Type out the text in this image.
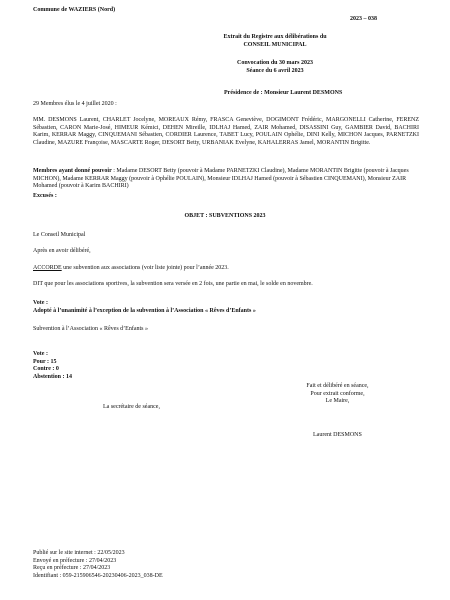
Commune de WAZIERS (Nord)
2023 – 038
Extrait du Registre aux délibérations du
CONSEIL MUNICIPAL
Convocation du 30 mars 2023
Séance du 6 avril 2023
Présidence de : Monsieur Laurent DESMONS
29 Membres élus le 4 juillet 2020 :
MM. DESMONS Laurent, CHARLET Jocelyne, MOREAUX Rémy, FRASCA Geneviève, DOGIMONT Frédéric, MARGONELLI Catherine, FERENZ Sébastien, CARON Marie-José, HIMEUR Kémici, DEHEN Mireille, IDLHAJ Hamed, ZAIR Mohamed, DISASSINI Guy, GAMBIER David, BACHIRI Karim, KERRAR Maggy, CINQUEMANI Sébastien, CORDIER Laurence, TABET Lucy, POULAIN Ophélie, DINI Kelly, MICHON Jacques, PARNETZKI Claudine, MAZURE Françoise, MASCARTE Roger, DESORT Betty, URBANIAK Evelyne, KAHALERRAS Jamel, MORANTIN Brigitte.
Membres ayant donné pouvoir : Madame DESORT Betty (pouvoir à Madame PARNETZKI Claudine), Madame MORANTIN Brigitte (pouvoir à Jacques MICHON), Madame KERRAR Maggy (pouvoir à Ophélie POULAIN), Monsieur IDLHAJ Hamed (pouvoir à Sébastien CINQUEMANI), Monsieur ZAIR Mohamed (pouvoir à Karim BACHIRI)
Excusés :
OBJET : SUBVENTIONS 2023
Le Conseil Municipal
Après en avoir délibéré,
ACCORDE une subvention aux associations (voir liste jointe) pour l’année 2023.
DIT que pour les associations sportives, la subvention sera versée en 2 fois, une partie en mai, le solde en novembre.
Vote :
Adopté à l’unanimité à l’exception de la subvention à l’Association « Rêves d’Enfants »
Subvention à l’Association « Rêves d’Enfants »
Vote :
Pour : 15
Contre : 0
Abstention : 14
Fait et délibéré en séance,
Pour extrait conforme,
Le Maire,
La secrétaire de séance,
Laurent DESMONS
Publié sur le site internet : 22/05/2023
Envoyé en préfecture : 27/04/2023
Reçu en préfecture : 27/04/2023
Identifiant : 059-215906546-20230406-2023_038-DE
